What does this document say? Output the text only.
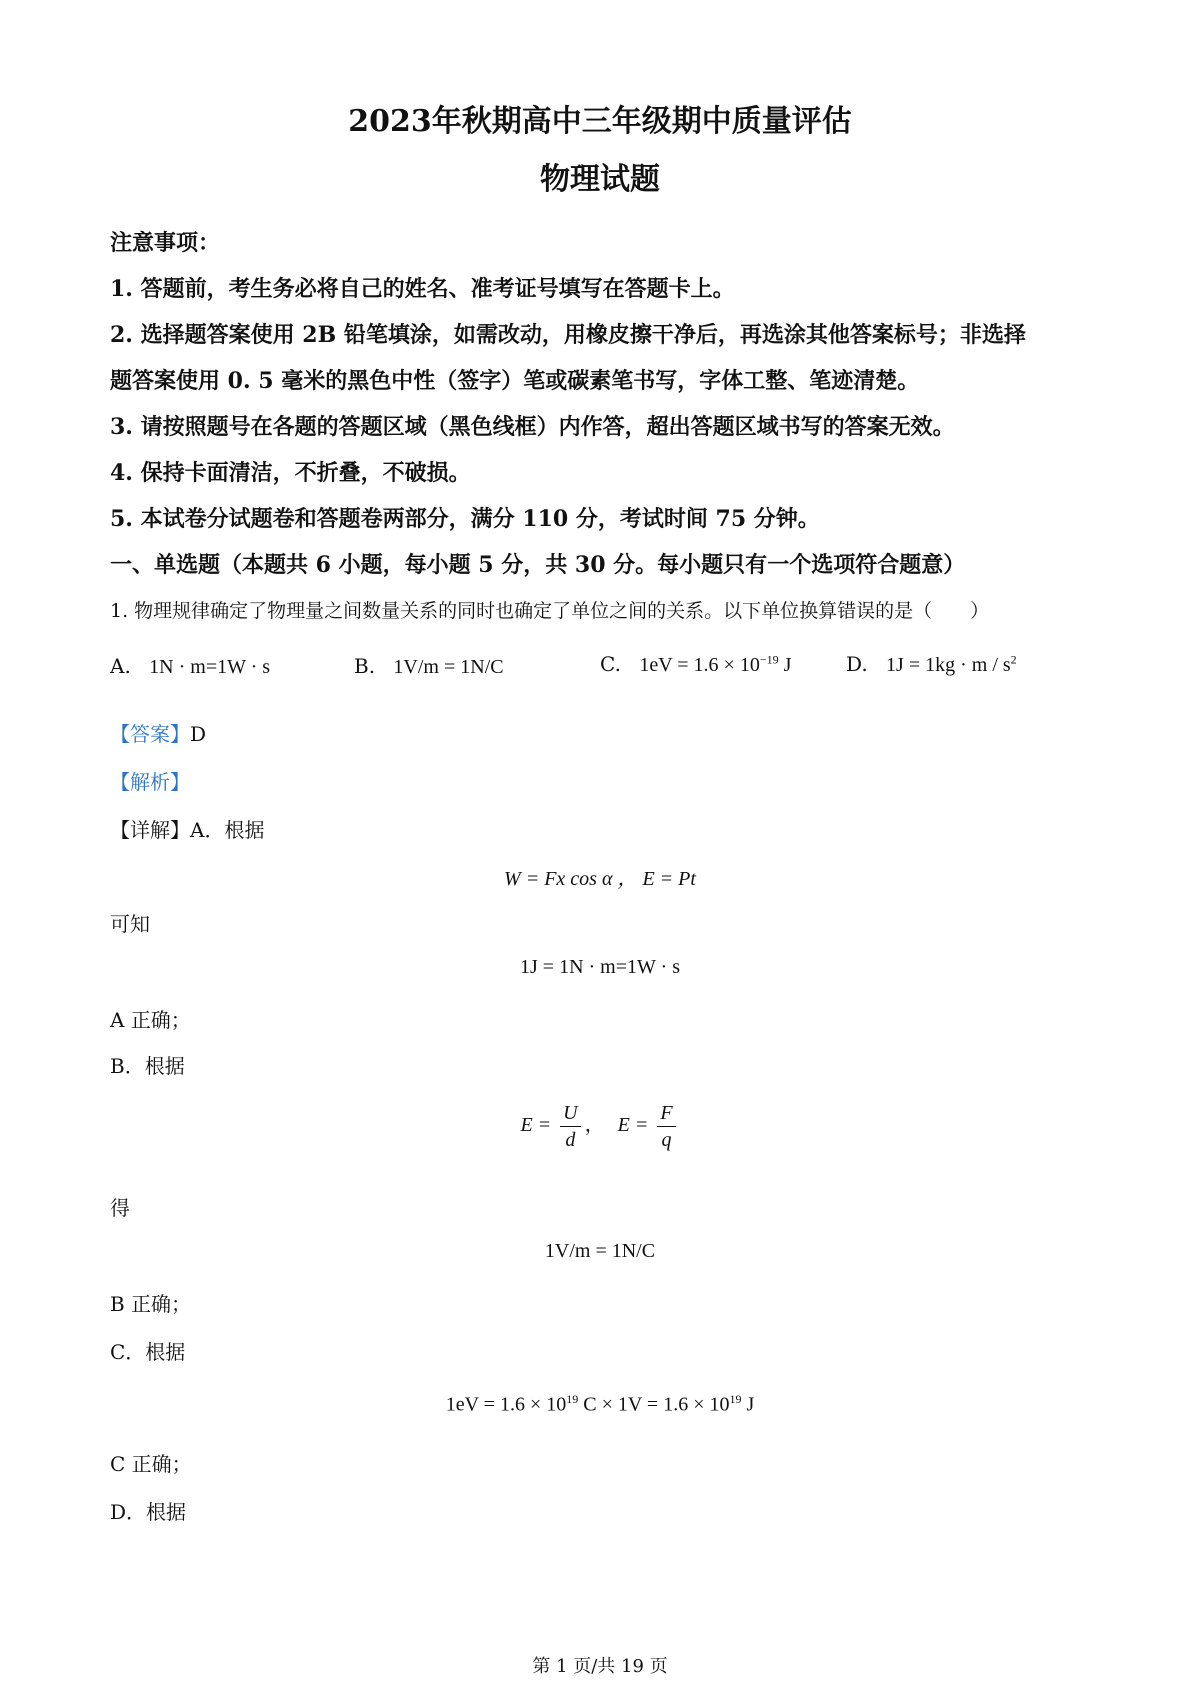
2023年秋期高中三年级期中质量评估
物理试题
注意事项：
1. 答题前，考生务必将自己的姓名、准考证号填写在答题卡上。
2. 选择题答案使用 2B 铅笔填涂，如需改动，用橡皮擦干净后，再选涂其他答案标号；非选择
题答案使用 0. 5 毫米的黑色中性（签字）笔或碳素笔书写，字体工整、笔迹清楚。
3. 请按照题号在各题的答题区域（黑色线框）内作答，超出答题区域书写的答案无效。
4. 保持卡面清洁，不折叠，不破损。
5. 本试卷分试题卷和答题卷两部分，满分 110 分，考试时间 75 分钟。
一、单选题（本题共 6 小题，每小题 5 分，共 30 分。每小题只有一个选项符合题意）
1. 物理规律确定了物理量之间数量关系的同时也确定了单位之间的关系。以下单位换算错误的是（　　）
A. 1N · m=1W · s	B. 1V/m = 1N/C	C. $1eV = 1.6 \times 10^{-19}$ J	D. $1J = 1kg \cdot m / s^2$
【答案】D
【解析】
【详解】A．根据
W = Fx cos α ， E = Pt
可知
1J = 1N · m=1W · s
A 正确；
B．根据
$E = \frac{U}{d}$ ， $E = \frac{F}{q}$
得
1V/m = 1N/C
B 正确；
C．根据
$1eV = 1.6 \times 10^{19}$ $C \times 1V = 1.6 \times 10^{19}$ J
C 正确；
D．根据
第 1 页/共 19 页
